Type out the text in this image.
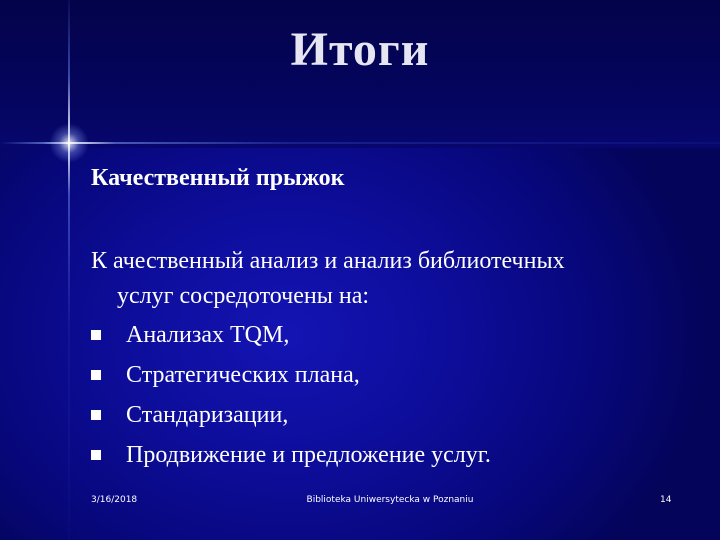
Итоги
Качественный прыжок
К ачественный анализ и анализ библиотечных
услуг сосредоточены на:
Анализах TQM,
Стратегических плана,
Стандаризации,
Продвижение и предложение услуг.
3/16/2018	Biblioteka Uniwersytecka w Poznaniu	14
